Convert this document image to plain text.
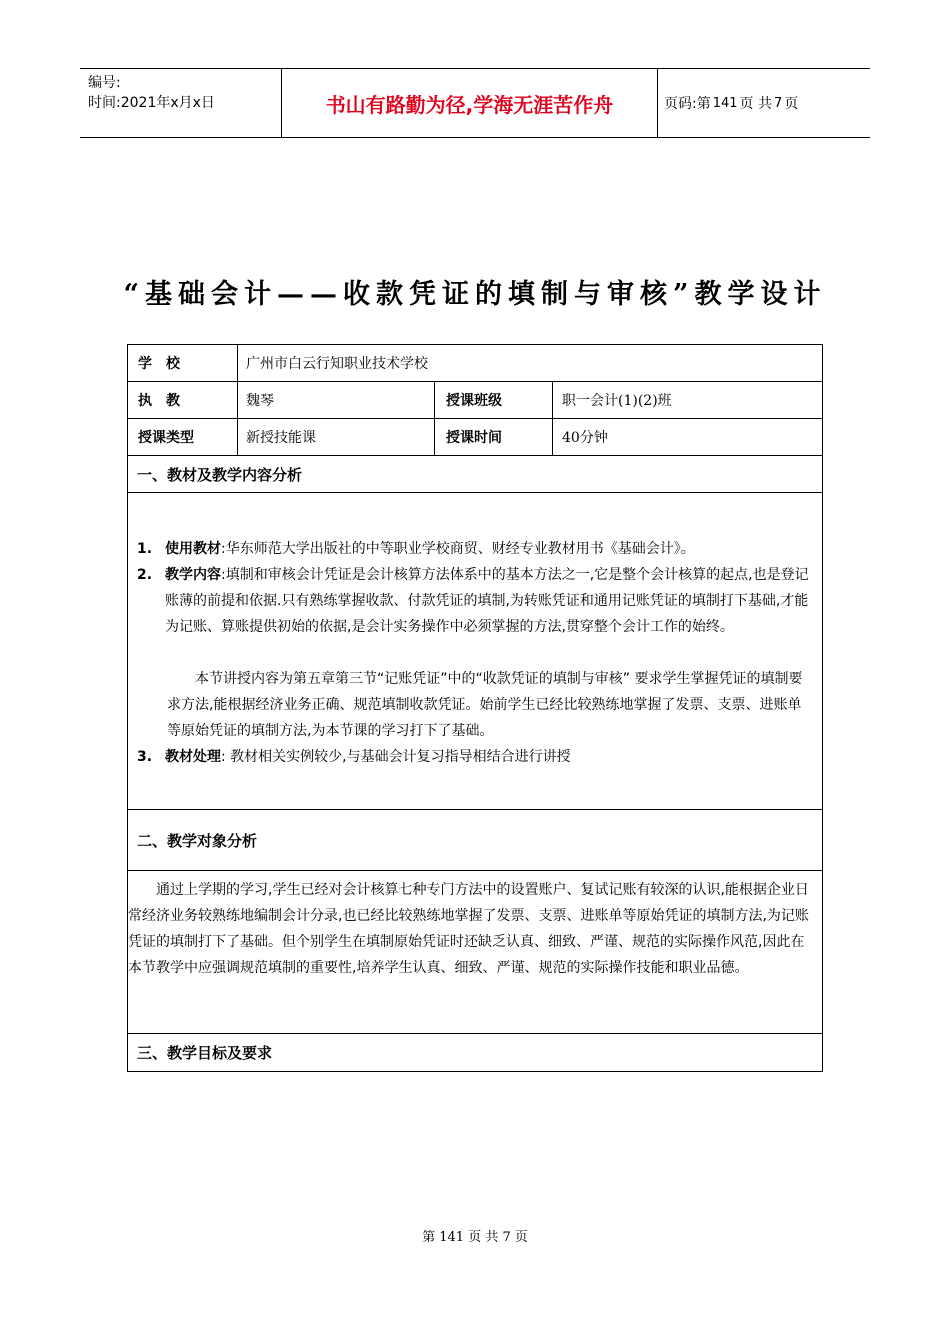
编号:
时间:2021年x月x日	书山有路勤为径,学海无涯苦作舟	页码:第 141 页 共 7 页
“基础会计——收款凭证的填制与审核”教学设计
学　校	广州市白云行知职业技术学校
执　教	魏琴	授课班级	职一会计(1)(2)班
授课类型	新授技能课	授课时间	40分钟
一、教材及教学内容分析
1. 使用教材:华东师范大学出版社的中等职业学校商贸、财经专业教材用书《基础会计》。
2. 教学内容:填制和审核会计凭证是会计核算方法体系中的基本方法之一,它是整个会计核算的起点,也是登记账薄的前提和依据.只有熟练掌握收款、付款凭证的填制,为转账凭证和通用记账凭证的填制打下基础,才能为记账、算账提供初始的依据,是会计实务操作中必须掌握的方法,贯穿整个会计工作的始终。
本节讲授内容为第五章第三节“记账凭证”中的“收款凭证的填制与审核” 要求学生掌握凭证的填制要求方法,能根据经济业务正确、规范填制收款凭证。始前学生已经比较熟练地掌握了发票、支票、进账单等原始凭证的填制方法,为本节课的学习打下了基础。
3. 教材处理: 教材相关实例较少,与基础会计复习指导相结合进行讲授
二、教学对象分析
通过上学期的学习,学生已经对会计核算七种专门方法中的设置账户、复试记账有较深的认识,能根据企业日常经济业务较熟练地编制会计分录,也已经比较熟练地掌握了发票、支票、进账单等原始凭证的填制方法,为记账凭证的填制打下了基础。但个别学生在填制原始凭证时还缺乏认真、细致、严谨、规范的实际操作风范,因此在本节教学中应强调规范填制的重要性,培养学生认真、细致、严谨、规范的实际操作技能和职业品德。
三、教学目标及要求
第 141 页 共 7 页
